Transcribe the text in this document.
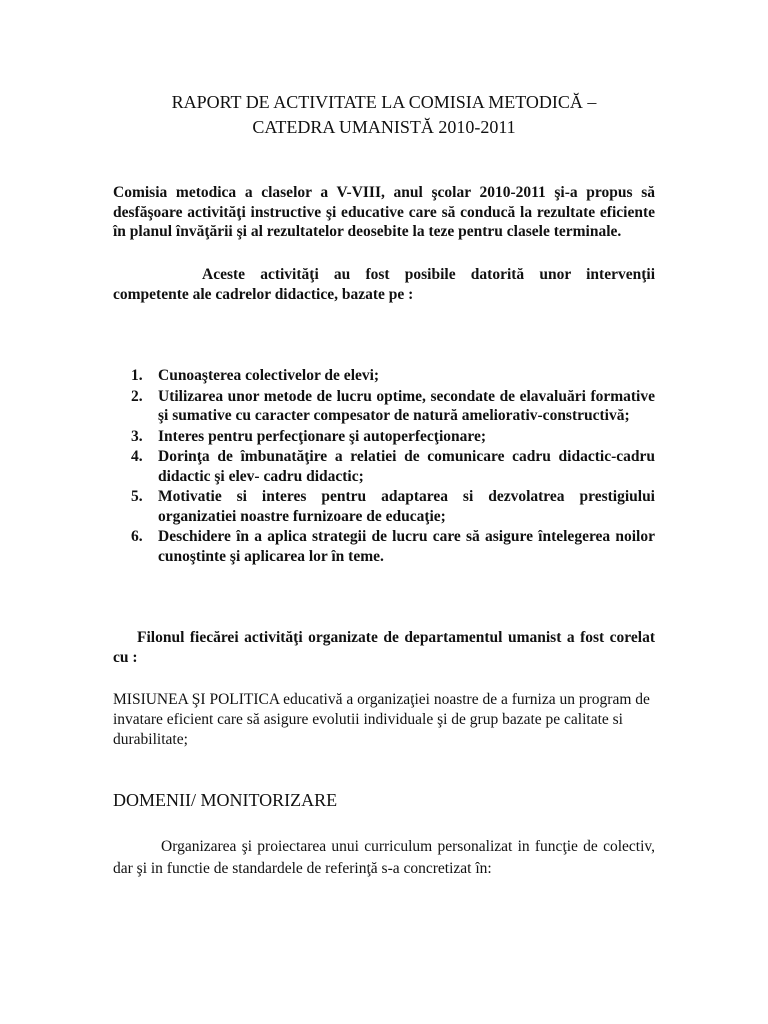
RAPORT DE ACTIVITATE LA COMISIA METODICĂ –
CATEDRA UMANISTĂ 2010-2011

Comisia metodica a claselor a V-VIII, anul şcolar 2010-2011 şi-a propus să desfăşoare activităţi instructive şi educative care să conducă la rezultate eficiente în planul învăţării şi al rezultatelor deosebite la teze pentru clasele terminale.

Aceste activităţi au fost posibile datorită unor intervenţii competente ale cadrelor didactice, bazate pe :

1. Cunoaşterea colectivelor de elevi;
2. Utilizarea unor metode de lucru optime, secondate de elavaluări formative şi sumative cu caracter compesator de natură ameliorativ-constructivă;
3. Interes pentru perfecţionare şi autoperfecţionare;
4. Dorinţa de îmbunatăţire a relatiei de comunicare cadru didactic-cadru didactic şi elev- cadru didactic;
5. Motivatie si interes pentru adaptarea si dezvolatrea prestigiului organizatiei noastre furnizoare de educaţie;
6. Deschidere în a aplica strategii de lucru care să asigure întelegerea noilor cunoştinte şi aplicarea lor în teme.

Filonul fiecărei activităţi organizate de departamentul umanist a fost corelat cu :

MISIUNEA ŞI POLITICA educativă a organizaţiei noastre de a furniza un program de invatare eficient care să asigure evolutii individuale şi de grup bazate pe calitate si durabilitate;

DOMENII/ MONITORIZARE

Organizarea şi proiectarea unui curriculum personalizat in funcţie de colectiv, dar şi in functie de standardele de referinţă s-a concretizat în:
